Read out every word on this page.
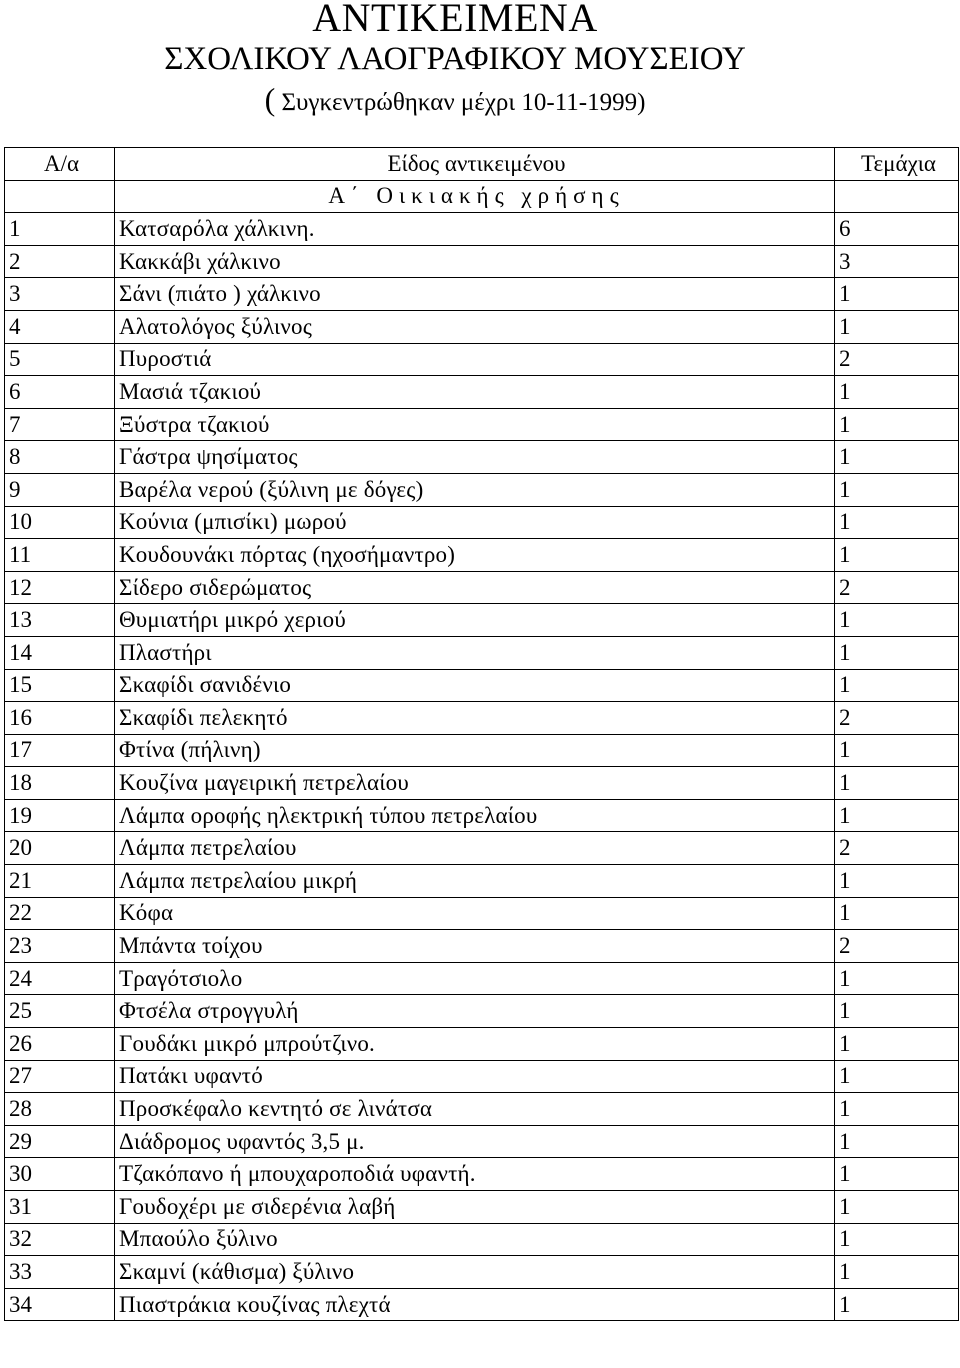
ΑΝΤΙΚΕΙΜΕΝΑ
ΣΧΟΛΙΚΟΥ ΛΑΟΓΡΑΦΙΚΟΥ ΜΟΥΣΕΙΟΥ
( Συγκεντρώθηκαν μέχρι 10-11-1999)
Α/α	Είδος αντικειμένου	Τεμάχια
	Α΄ Οικιακής χρήσης	
1	Κατσαρόλα χάλκινη.	6
2	Κακκάβι χάλκινο	3
3	Σάνι (πιάτο ) χάλκινο	1
4	Αλατολόγος ξύλινος	1
5	Πυροστιά	2
6	Μασιά τζακιού	1
7	Ξύστρα τζακιού	1
8	Γάστρα ψησίματος	1
9	Βαρέλα νερού (ξύλινη με δόγες)	1
10	Κούνια (μπισίκι) μωρού	1
11	Κουδουνάκι πόρτας (ηχοσήμαντρο)	1
12	Σίδερο σιδερώματος	2
13	Θυμιατήρι μικρό χεριού	1
14	Πλαστήρι	1
15	Σκαφίδι σανιδένιο	1
16	Σκαφίδι πελεκητό	2
17	Φτίνα (πήλινη)	1
18	Κουζίνα μαγειρική πετρελαίου	1
19	Λάμπα οροφής ηλεκτρική τύπου πετρελαίου	1
20	Λάμπα πετρελαίου	2
21	Λάμπα πετρελαίου μικρή	1
22	Κόφα	1
23	Μπάντα τοίχου	2
24	Τραγότσιολο	1
25	Φτσέλα στρογγυλή	1
26	Γουδάκι μικρό μπρούτζινο.	1
27	Πατάκι υφαντό	1
28	Προσκέφαλο κεντητό σε λινάτσα	1
29	Διάδρομος υφαντός 3,5 μ.	1
30	Τζακόπανο ή μπουχαροποδιά υφαντή.	1
31	Γουδοχέρι με σιδερένια λαβή	1
32	Μπαούλο ξύλινο	1
33	Σκαμνί (κάθισμα) ξύλινο	1
34	Πιαστράκια κουζίνας πλεχτά	1
